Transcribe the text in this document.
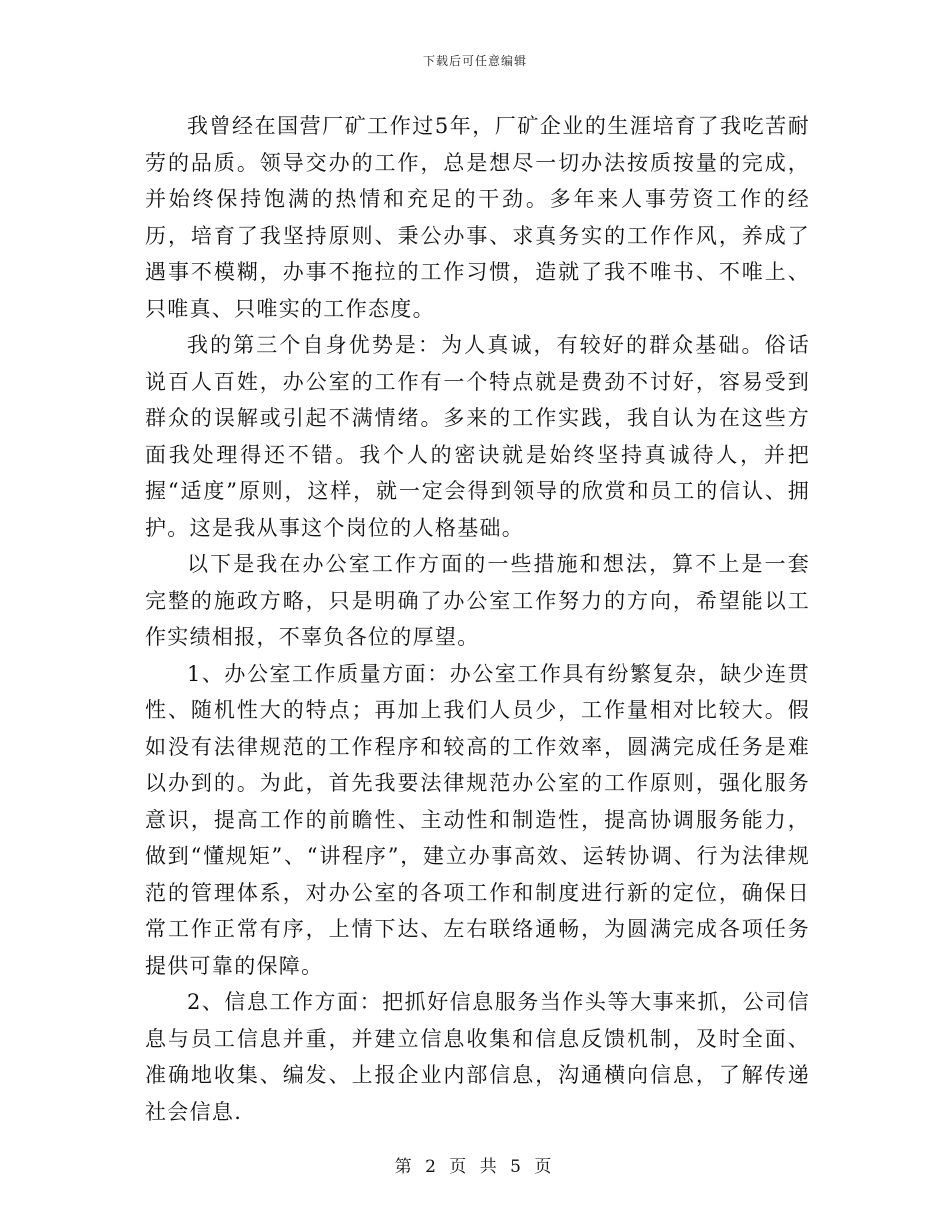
下载后可任意编辑

我曾经在国营厂矿工作过5年，厂矿企业的生涯培育了我吃苦耐劳的品质。领导交办的工作，总是想尽一切办法按质按量的完成，并始终保持饱满的热情和充足的干劲。多年来人事劳资工作的经历，培育了我坚持原则、秉公办事、求真务实的工作作风，养成了遇事不模糊，办事不拖拉的工作习惯，造就了我不唯书、不唯上、只唯真、只唯实的工作态度。

我的第三个自身优势是：为人真诚，有较好的群众基础。俗话说百人百姓，办公室的工作有一个特点就是费劲不讨好，容易受到群众的误解或引起不满情绪。多来的工作实践，我自认为在这些方面我处理得还不错。我个人的密诀就是始终坚持真诚待人，并把握“适度”原则，这样，就一定会得到领导的欣赏和员工的信认、拥护。这是我从事这个岗位的人格基础。

以下是我在办公室工作方面的一些措施和想法，算不上是一套完整的施政方略，只是明确了办公室工作努力的方向，希望能以工作实绩相报，不辜负各位的厚望。

1、办公室工作质量方面：办公室工作具有纷繁复杂，缺少连贯性、随机性大的特点；再加上我们人员少，工作量相对比较大。假如没有法律规范的工作程序和较高的工作效率，圆满完成任务是难以办到的。为此，首先我要法律规范办公室的工作原则，强化服务意识，提高工作的前瞻性、主动性和制造性，提高协调服务能力，做到“懂规矩”、“讲程序”，建立办事高效、运转协调、行为法律规范的管理体系，对办公室的各项工作和制度进行新的定位，确保日常工作正常有序，上情下达、左右联络通畅，为圆满完成各项任务提供可靠的保障。

2、信息工作方面：把抓好信息服务当作头等大事来抓，公司信息与员工信息并重，并建立信息收集和信息反馈机制，及时全面、准确地收集、编发、上报企业内部信息，沟通横向信息，了解传递社会信息.

第 2 页 共 5 页
